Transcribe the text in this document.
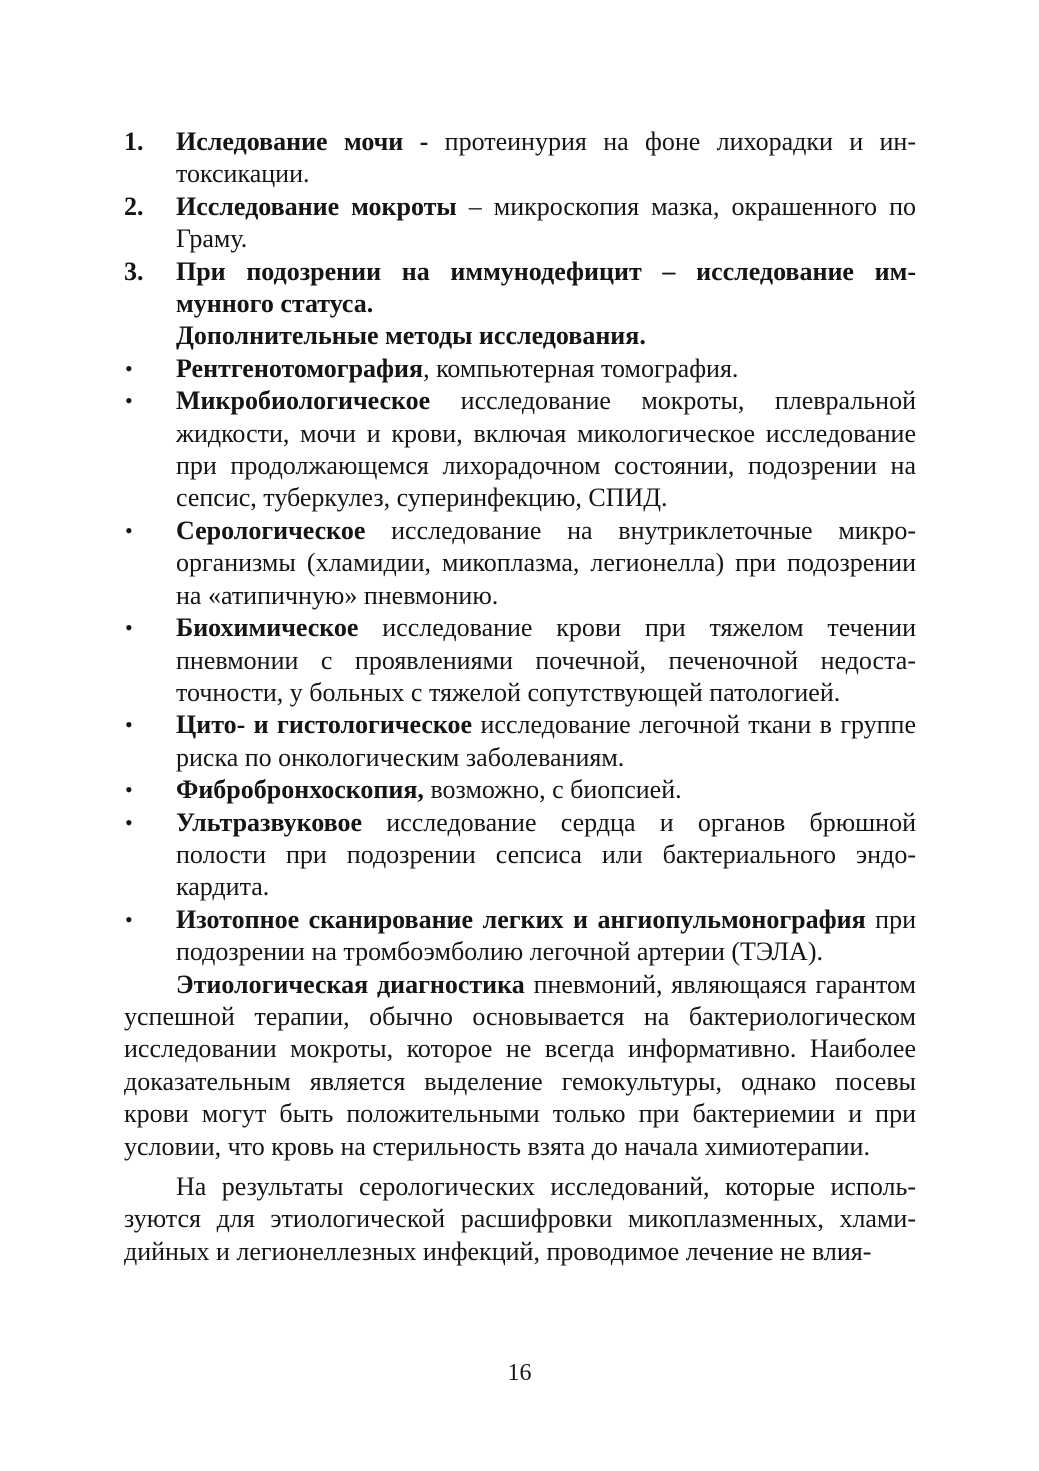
1. Иследование мочи - протеинурия на фоне лихорадки и интоксикации.
2. Исследование мокроты – микроскопия мазка, окрашенного по Граму.
3. При подозрении на иммунодефицит – исследование иммунного статуса.
Дополнительные методы исследования.
• Рентгенотомография, компьютерная томография.
• Микробиологическое исследование мокроты, плевральной жидкости, мочи и крови, включая микологическое исследование при продолжающемся лихорадочном состоянии, подозрении на сепсис, туберкулез, суперинфекцию, СПИД.
• Серологическое исследование на внутриклеточные микроорганизмы (хламидии, микоплазма, легионелла) при подозрении на «атипичную» пневмонию.
• Биохимическое исследование крови при тяжелом течении пневмонии с проявлениями почечной, печеночной недостаточности, у больных с тяжелой сопутствующей патологией.
• Цито- и гистологическое исследование легочной ткани в группе риска по онкологическим заболеваниям.
• Фибробронхоскопия, возможно, с биопсией.
• Ультразвуковое исследование сердца и органов брюшной полости при подозрении сепсиса или бактериального эндокардита.
• Изотопное сканирование легких и ангиопульмонография при подозрении на тромбоэмболию легочной артерии (ТЭЛА).

Этиологическая диагностика пневмоний, являющаяся гарантом успешной терапии, обычно основывается на бактериологическом исследовании мокроты, которое не всегда информативно. Наиболее доказательным является выделение гемокультуры, однако посевы крови могут быть положительными только при бактериемии и при условии, что кровь на стерильность взята до начала химиотерапии.

На результаты серологических исследований, которые используются для этиологической расшифровки микоплазменных, хламидийных и легионеллезных инфекций, проводимое лечение не влия-

16
